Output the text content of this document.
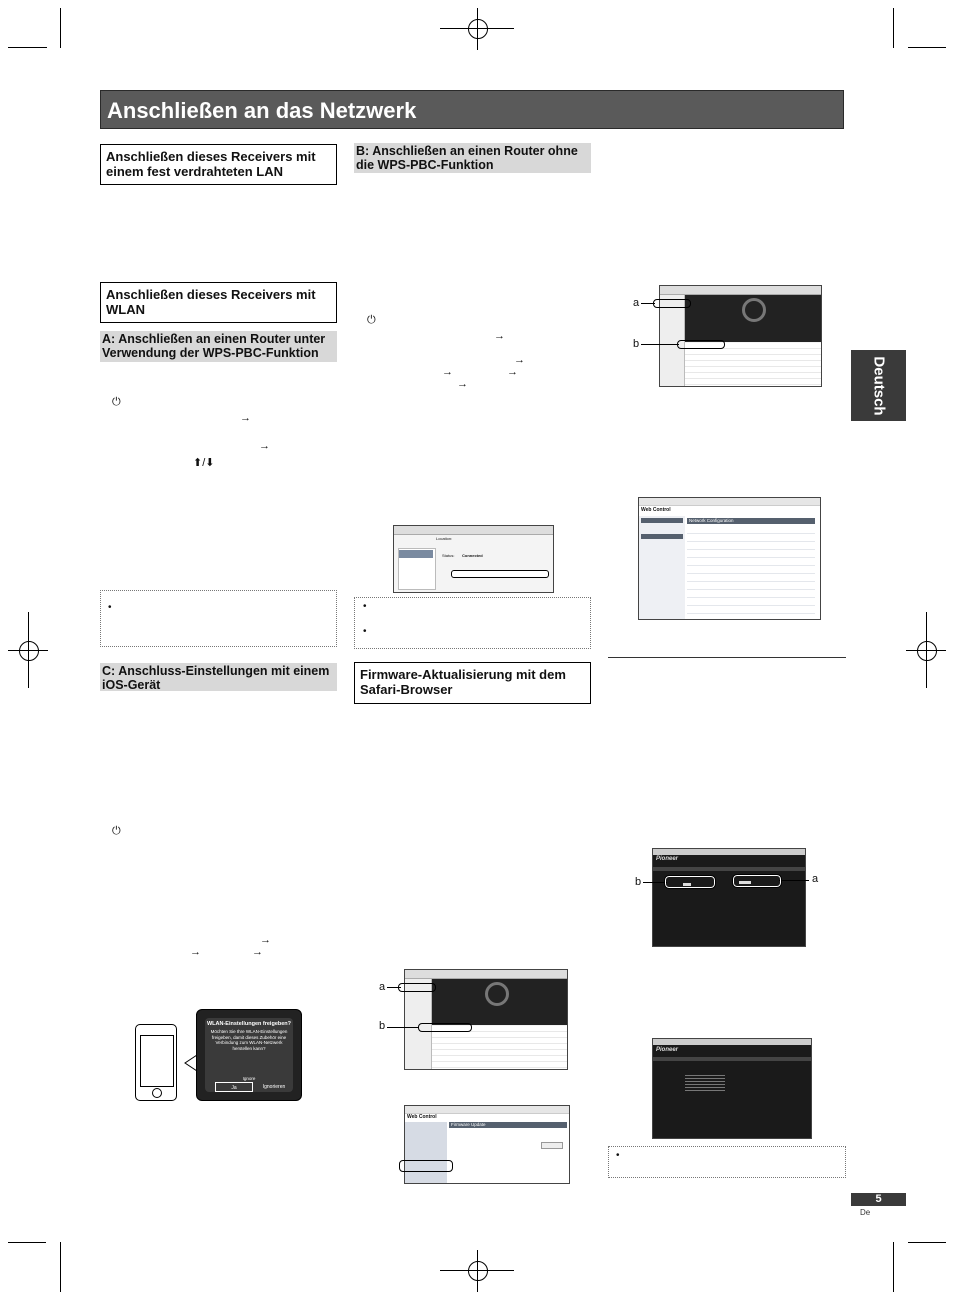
Anschließen an das Netzwerk
Deutsch
Anschließen dieses Receivers mit einem fest verdrahteten LAN
Anschließen dieses Receivers mit WLAN
A: Anschließen an einen Router unter Verwendung der WPS-PBC-Funktion
⏻
→
→
⬆/⬇
•
C: Anschluss-Einstellungen mit einem iOS-Gerät
⏻
→
→	→
WLAN-Einstellungen freigeben?
Möchten Sie Ihre WLAN-Einstellungen freigeben, damit dieses Zubehör eine Verbindung zum WLAN-Netzwerk herstellen kann?
Ignore
Ja	Ignorieren
B: Anschließen an einen Router ohne die WPS-PBC-Funktion
⏻
→
→
→	→
→
Location:
Status: Connected
•
•
Firmware-Aktualisierung mit dem Safari-Browser
a
b
Web Control
Firmware Update
a
b
Web Control
Network Configuration
Pioneer
b	a
Pioneer
•
5
De
